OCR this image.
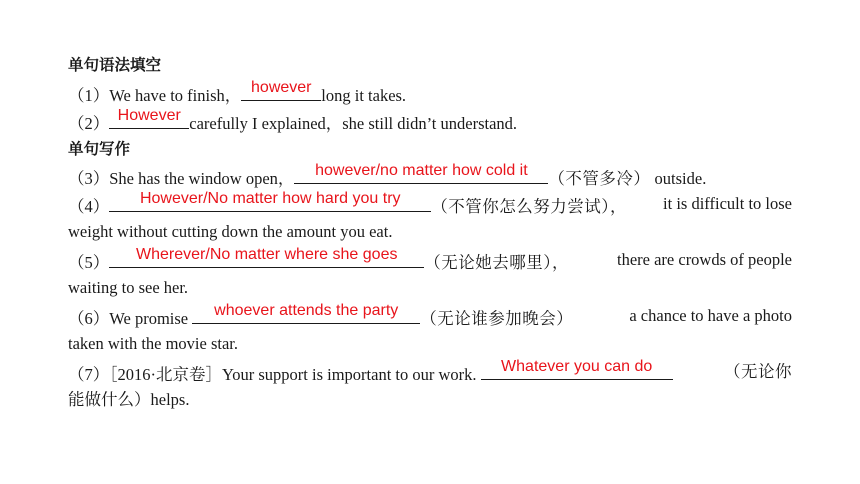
单句语法填空
（1）We have to finish， however long it takes.
（2） However carefully I explained，she still didn’t understand.
单句写作
（3）She has the window open，	however/no matter how cold it	（不管多冷） outside.
（4）	However/No matter how hard you try	（不管你怎么努力尝试）， it is difficult to lose
weight without cutting down the amount you eat.
（5）	Wherever/No matter where she goes	（无论她去哪里），	there are crowds of people
waiting to see her.
（6）We promise	whoever attends the party	（无论谁参加晚会）	a chance to have a photo
taken with the movie star.
（7）［2016·北京卷］Your support is important to our work.	Whatever you can do	（无论你
能做什么）helps.
